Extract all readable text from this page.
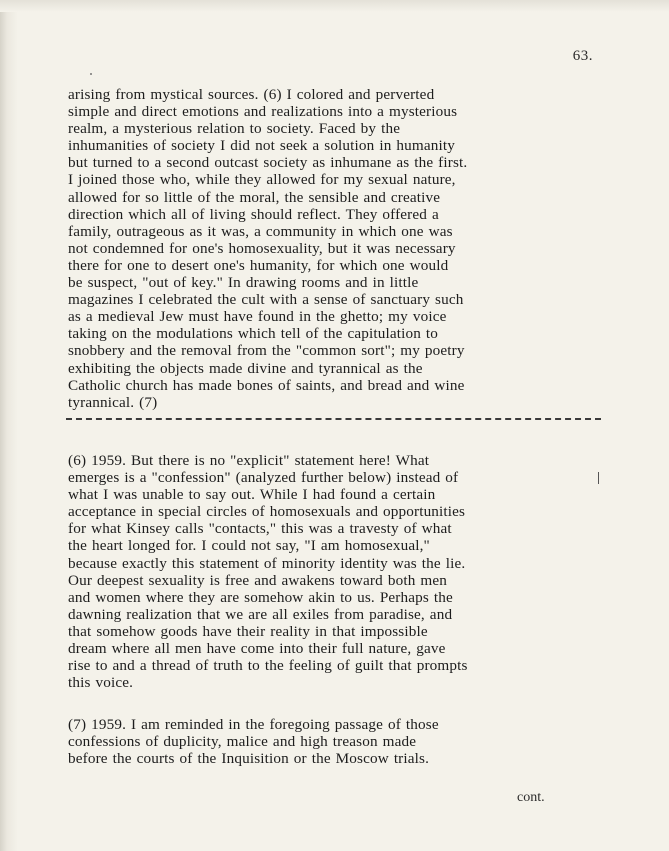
63.
arising from mystical sources. (6) I colored and perverted
simple and direct emotions and realizations into a mysterious
realm, a mysterious relation to society. Faced by the
inhumanities of society I did not seek a solution in humanity
but turned to a second outcast society as inhumane as the first.
I joined those who, while they allowed for my sexual nature,
allowed for so little of the moral, the sensible and creative
direction which all of living should reflect. They offered a
family, outrageous as it was, a community in which one was
not condemned for one's homosexuality, but it was necessary
there for one to desert one's humanity, for which one would
be suspect, "out of key." In drawing rooms and in little
magazines I celebrated the cult with a sense of sanctuary such
as a medieval Jew must have found in the ghetto; my voice
taking on the modulations which tell of the capitulation to
snobbery and the removal from the "common sort"; my poetry
exhibiting the objects made divine and tyrannical as the
Catholic church has made bones of saints, and bread and wine
tyrannical. (7)
(6) 1959. But there is no "explicit" statement here! What
emerges is a "confession" (analyzed further below) instead of
what I was unable to say out. While I had found a certain
acceptance in special circles of homosexuals and opportunities
for what Kinsey calls "contacts," this was a travesty of what
the heart longed for. I could not say, "I am homosexual,"
because exactly this statement of minority identity was the lie.
Our deepest sexuality is free and awakens toward both men
and women where they are somehow akin to us. Perhaps the
dawning realization that we are all exiles from paradise, and
that somehow goods have their reality in that impossible
dream where all men have come into their full nature, gave
rise to and a thread of truth to the feeling of guilt that prompts
this voice.
(7) 1959. I am reminded in the foregoing passage of those
confessions of duplicity, malice and high treason made
before the courts of the Inquisition or the Moscow trials.
cont.
